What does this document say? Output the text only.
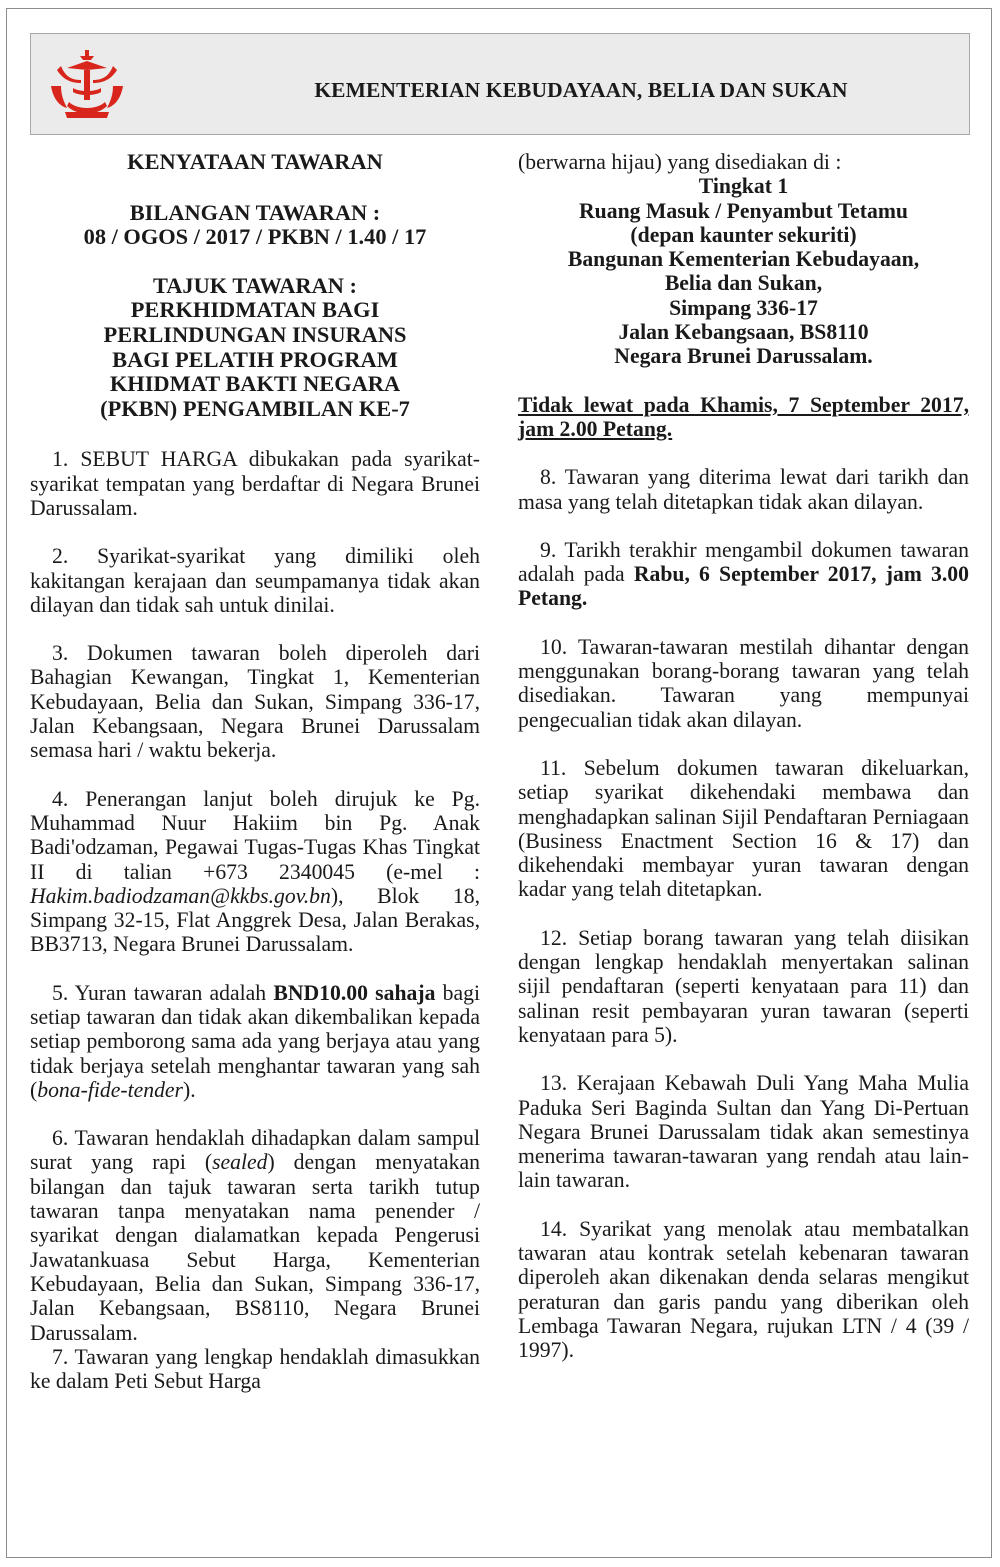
KEMENTERIAN KEBUDAYAAN, BELIA DAN SUKAN

KENYATAAN TAWARAN

BILANGAN TAWARAN :

08 / OGOS / 2017 / PKBN / 1.40 / 17

TAJUK TAWARAN :

PERKHIDMATAN BAGI

PERLINDUNGAN INSURANS

BAGI PELATIH PROGRAM

KHIDMAT BAKTI NEGARA

(PKBN) PENGAMBILAN KE-7

1. SEBUT HARGA dibukakan pada syarikat-syarikat tempatan yang berdaftar di Negara Brunei Darussalam.

2. Syarikat-syarikat yang dimiliki oleh kakitangan kerajaan dan seumpamanya tidak akan dilayan dan tidak sah untuk dinilai.

3. Dokumen tawaran boleh diperoleh dari Bahagian Kewangan, Tingkat 1, Kementerian Kebudayaan, Belia dan Sukan, Simpang 336-17, Jalan Kebangsaan, Negara Brunei Darussalam semasa hari / waktu bekerja.

4. Penerangan lanjut boleh dirujuk ke Pg. Muhammad Nuur Hakiim bin Pg. Anak Badi'odzaman, Pegawai Tugas-Tugas Khas Tingkat II di talian +673 2340045 (e-mel : Hakim.badiodzaman@kkbs.gov.bn), Blok 18, Simpang 32-15, Flat Anggrek Desa, Jalan Berakas, BB3713, Negara Brunei Darussalam.

5. Yuran tawaran adalah BND10.00 sahaja bagi setiap tawaran dan tidak akan dikembalikan kepada setiap pemborong sama ada yang berjaya atau yang tidak berjaya setelah menghantar tawaran yang sah (bona-fide-tender).

6. Tawaran hendaklah dihadapkan dalam sampul surat yang rapi (sealed) dengan menyatakan bilangan dan tajuk tawaran serta tarikh tutup tawaran tanpa menyatakan nama penender / syarikat dengan dialamatkan kepada Pengerusi Jawatankuasa Sebut Harga, Kementerian Kebudayaan, Belia dan Sukan, Simpang 336-17, Jalan Kebangsaan, BS8110, Negara Brunei Darussalam.

7. Tawaran yang lengkap hendaklah dimasukkan ke dalam Peti Sebut Harga

(berwarna hijau) yang disediakan di :

Tingkat 1

Ruang Masuk / Penyambut Tetamu

(depan kaunter sekuriti)

Bangunan Kementerian Kebudayaan,

Belia dan Sukan,

Simpang 336-17

Jalan Kebangsaan, BS8110

Negara Brunei Darussalam.

Tidak lewat pada Khamis, 7 September 2017, jam 2.00 Petang.

8. Tawaran yang diterima lewat dari tarikh dan masa yang telah ditetapkan tidak akan dilayan.

9. Tarikh terakhir mengambil dokumen tawaran adalah pada Rabu, 6 September 2017, jam 3.00 Petang.

10. Tawaran-tawaran mestilah dihantar dengan menggunakan borang-borang tawaran yang telah disediakan. Tawaran yang mempunyai pengecualian tidak akan dilayan.

11. Sebelum dokumen tawaran dikeluarkan, setiap syarikat dikehendaki membawa dan menghadapkan salinan Sijil Pendaftaran Perniagaan (Business Enactment Section 16 & 17) dan dikehendaki membayar yuran tawaran dengan kadar yang telah ditetapkan.

12. Setiap borang tawaran yang telah diisikan dengan lengkap hendaklah menyertakan salinan sijil pendaftaran (seperti kenyataan para 11) dan salinan resit pembayaran yuran tawaran (seperti kenyataan para 5).

13. Kerajaan Kebawah Duli Yang Maha Mulia Paduka Seri Baginda Sultan dan Yang Di-Pertuan Negara Brunei Darussalam tidak akan semestinya menerima tawaran-tawaran yang rendah atau lain-lain tawaran.

14. Syarikat yang menolak atau membatalkan tawaran atau kontrak setelah kebenaran tawaran diperoleh akan dikenakan denda selaras mengikut peraturan dan garis pandu yang diberikan oleh Lembaga Tawaran Negara, rujukan LTN / 4 (39 / 1997).
